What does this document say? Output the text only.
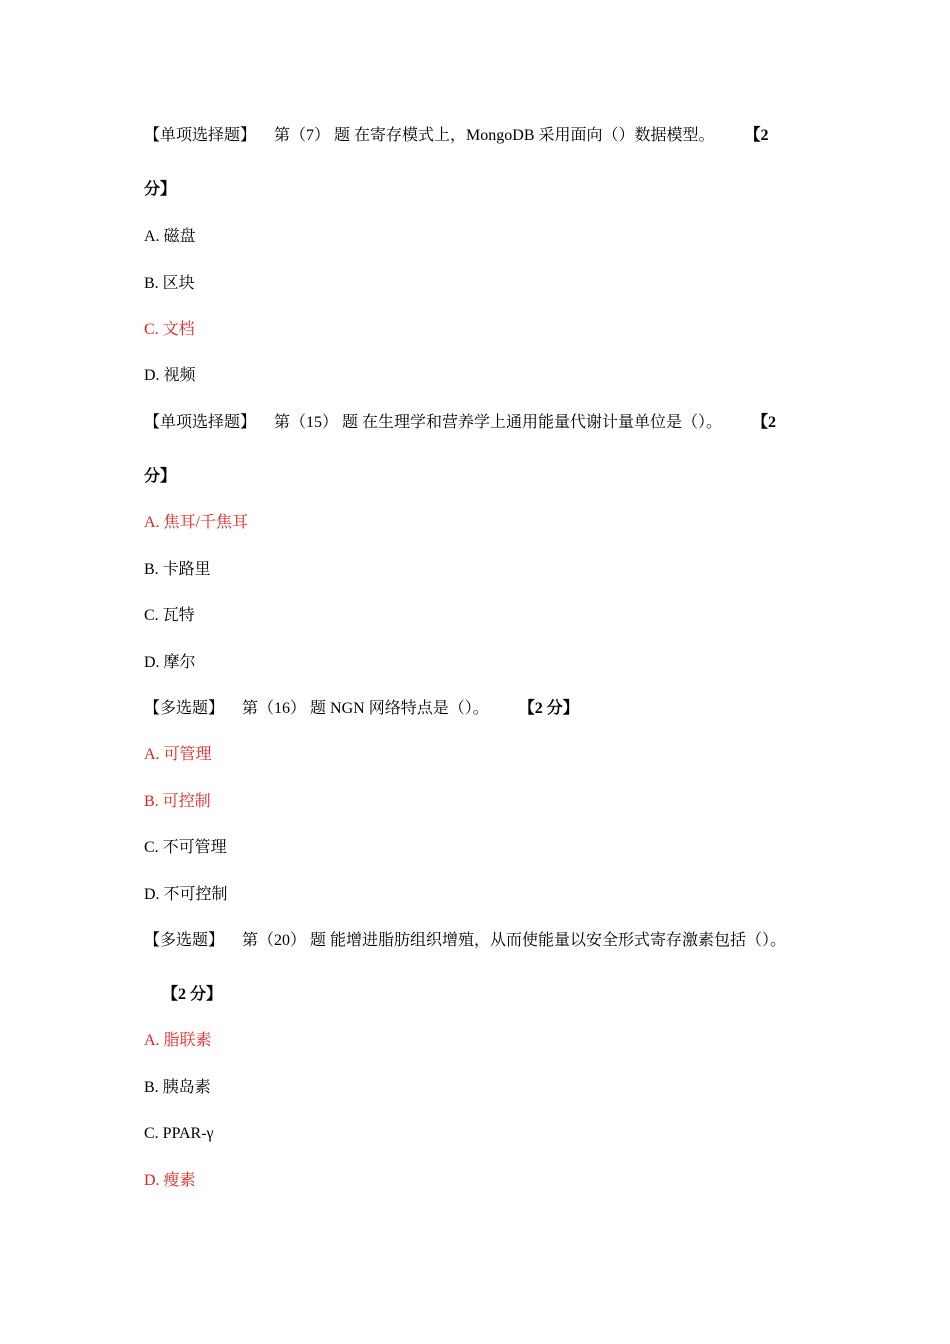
【单项选择题】 第（7） 题 在寄存模式上，MongoDB 采用面向（）数据模型。 【2
分】
A. 磁盘
B. 区块
C. 文档
D. 视频
【单项选择题】 第（15） 题 在生理学和营养学上通用能量代谢计量单位是（）。 【2
分】
A. 焦耳/千焦耳
B. 卡路里
C. 瓦特
D. 摩尔
【多选题】 第（16） 题 NGN 网络特点是（）。 【2 分】
A. 可管理
B. 可控制
C. 不可管理
D. 不可控制
【多选题】 第（20） 题 能增进脂肪组织增殖，从而使能量以安全形式寄存激素包括（）。
【2 分】
A. 脂联素
B. 胰岛素
C. PPAR-γ
D. 瘦素
